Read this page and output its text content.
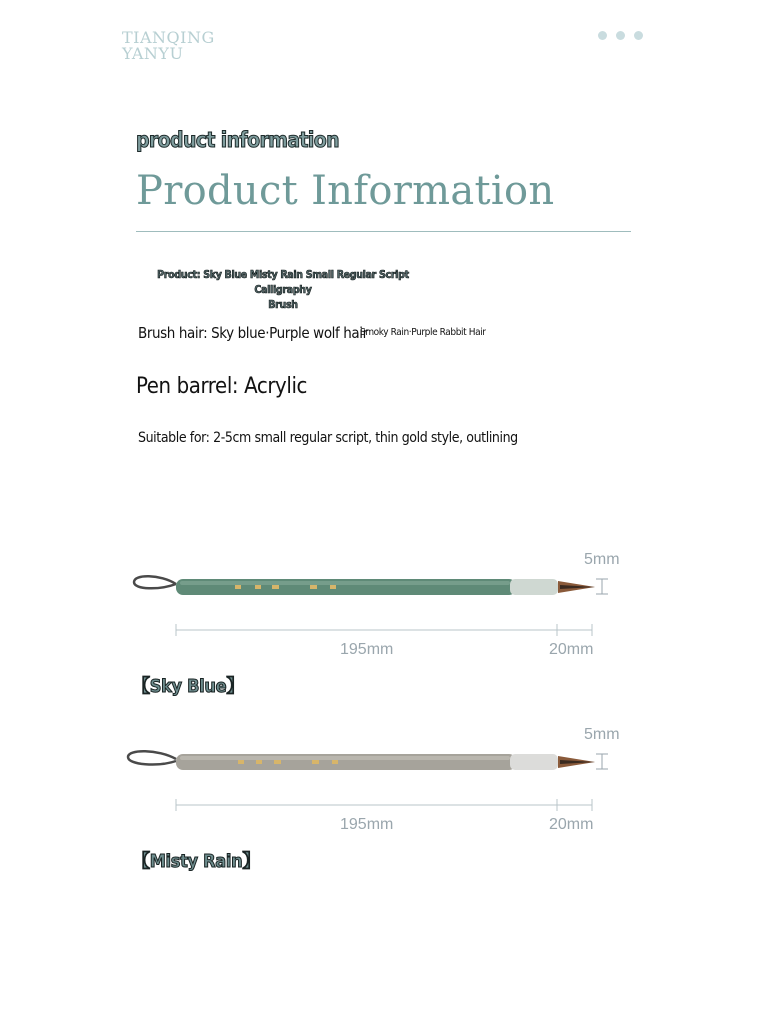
TIANQING
YANYU
product information
Product Information
Product: Sky Blue Misty Rain Small Regular Script Calligraphy
Brush
Brush hair: Sky blue·Purple wolf hair
Smoky Rain·Purple Rabbit Hair
Pen barrel: Acrylic
Suitable for: 2-5cm small regular script, thin gold style, outlining
5mm
195mm	20mm
【Sky Blue】
5mm
195mm	20mm
【Misty Rain】
